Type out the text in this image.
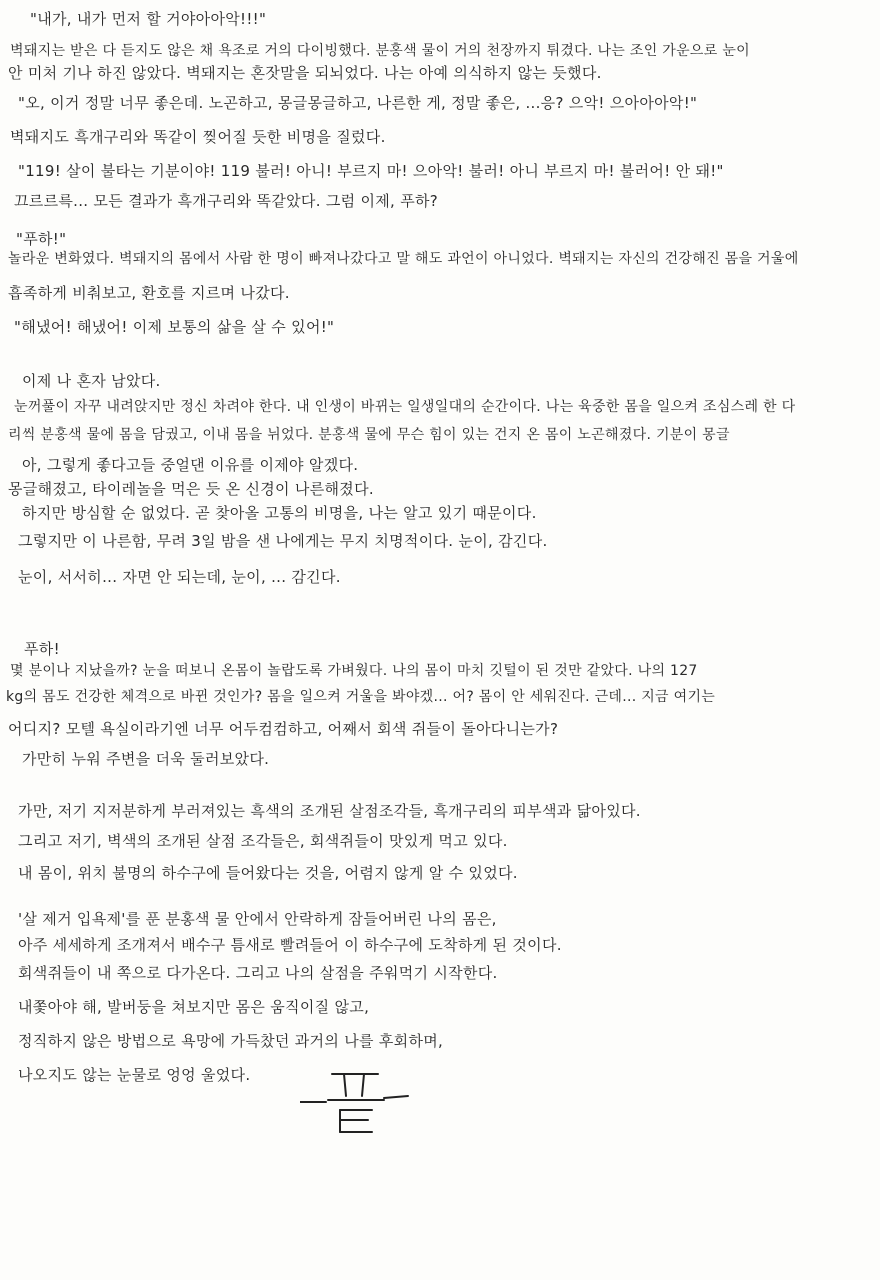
"내가, 내가 먼저 할 거야아아악!!!"
벽돼지는 받은 다 듣지도 않은 채 욕조로 거의 다이빙했다. 분홍색 물이 거의 천장까지 튀겼다. 나는 조인 가운으로 눈이
안 미처 기나 하진 않았다. 벽돼지는 혼잣말을 되뇌었다. 나는 아예 의식하지 않는 듯했다.
"오, 이거 정말 너무 좋은데. 노곤하고, 몽글몽글하고, 나른한 게, 정말 좋은, ...응? 으악! 으아아아악!"
벽돼지도 흑개구리와 똑같이 찢어질 듯한 비명을 질렀다.
"119! 살이 불타는 기분이야! 119 불러! 아니! 부르지 마! 으아악! 불러! 아니 부르지 마! 불러어! 안 돼!"
끄르르륵... 모든 결과가 흑개구리와 똑같았다. 그럼 이제, 푸하?
"푸하!"
놀라운 변화였다. 벽돼지의 몸에서 사람 한 명이 빠져나갔다고 말 해도 과언이 아니었다. 벽돼지는 자신의 건강해진 몸을 거울에
흡족하게 비춰보고, 환호를 지르며 나갔다.
"해냈어! 해냈어! 이제 보통의 삶을 살 수 있어!"
이제 나 혼자 남았다.
눈꺼풀이 자꾸 내려앉지만 정신 차려야 한다. 내 인생이 바뀌는 일생일대의 순간이다. 나는 육중한 몸을 일으켜 조심스레 한 다
리씩 분홍색 물에 몸을 담궜고, 이내 몸을 뉘었다. 분홍색 물에 무슨 힘이 있는 건지 온 몸이 노곤해졌다. 기분이 몽글
아, 그렇게 좋다고들 중얼댄 이유를 이제야 알겠다.
몽글해졌고, 타이레놀을 먹은 듯 온 신경이 나른해졌다.
하지만 방심할 순 없었다. 곧 찾아올 고통의 비명을, 나는 알고 있기 때문이다.
그렇지만 이 나른함, 무려 3일 밤을 샌 나에게는 무지 치명적이다. 눈이, 감긴다.
눈이, 서서히... 자면 안 되는데, 눈이, ... 감긴다.
푸하!
몇 분이나 지났을까? 눈을 떠보니 온몸이 놀랍도록 가벼웠다. 나의 몸이 마치 깃털이 된 것만 같았다. 나의 127
kg의 몸도 건강한 체격으로 바뀐 것인가? 몸을 일으켜 거울을 봐야겠... 어? 몸이 안 세워진다. 근데... 지금 여기는
어디지? 모텔 욕실이라기엔 너무 어두컴컴하고, 어째서 회색 쥐들이 돌아다니는가?
가만히 누워 주변을 더욱 둘러보았다.
가만, 저기 지저분하게 부러져있는 흑색의 조개된 살점조각들, 흑개구리의 피부색과 닮아있다.
그리고 저기, 벽색의 조개된 살점 조각들은, 회색쥐들이 맛있게 먹고 있다.
내 몸이, 위치 불명의 하수구에 들어왔다는 것을, 어렴지 않게 알 수 있었다.
'살 제거 입욕제'를 푼 분홍색 물 안에서 안락하게 잠들어버린 나의 몸은,
아주 세세하게 조개져서 배수구 틈새로 빨려들어 이 하수구에 도착하게 된 것이다.
회색쥐들이 내 쪽으로 다가온다. 그리고 나의 살점을 주워먹기 시작한다.
내쫓아야 해, 발버둥을 쳐보지만 몸은 움직이질 않고,
정직하지 않은 방법으로 욕망에 가득찼던 과거의 나를 후회하며,
나오지도 않는 눈물로 엉엉 울었다.
